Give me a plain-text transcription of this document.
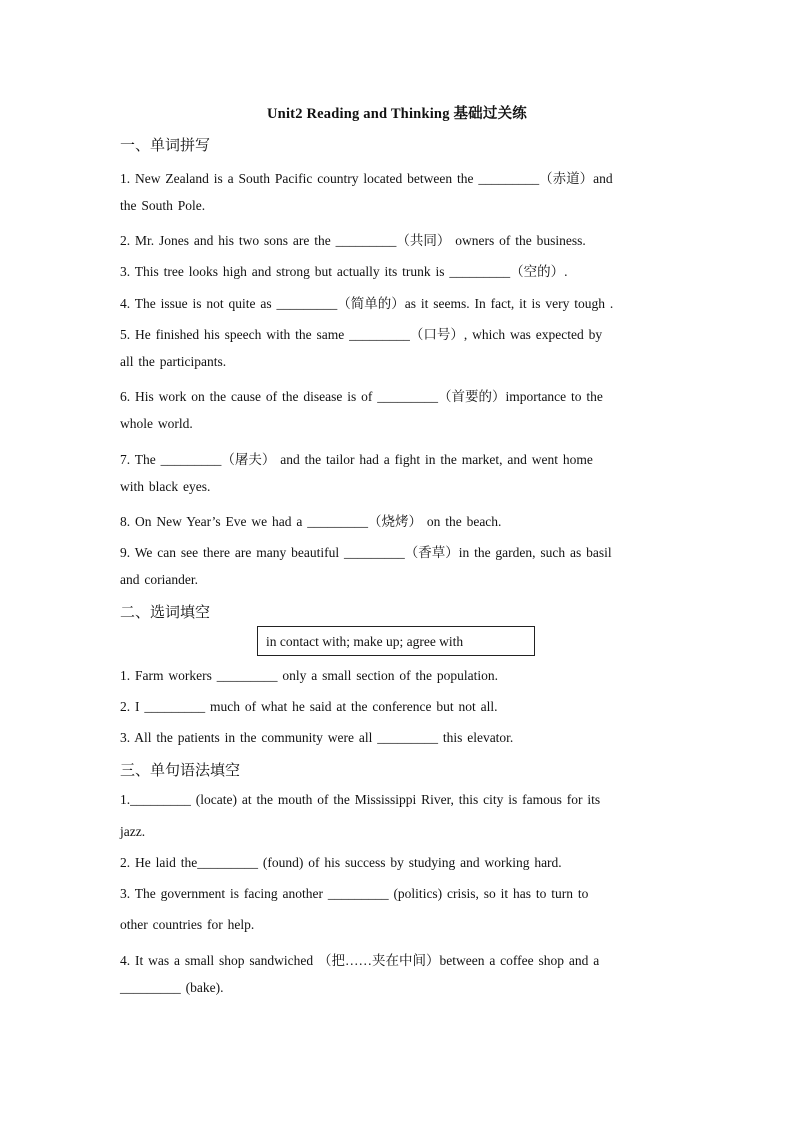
Unit2 Reading and Thinking 基础过关练
一、单词拼写
1. New Zealand is a South Pacific country located between the _________（赤道）and
the South Pole.
2. Mr. Jones and his two sons are the _________（共同） owners of the business.
3. This tree looks high and strong but actually its trunk is _________（空的）.
4. The issue is not quite as _________（简单的）as it seems. In fact, it is very tough .
5. He finished his speech with the same _________（口号）, which was expected by
all the participants.
6. His work on the cause of the disease is of _________（首要的）importance to the
whole world.
7. The _________（屠夫） and the tailor had a fight in the market, and went home
with black eyes.
8. On New Year’s Eve we had a _________（烧烤） on the beach.
9. We can see there are many beautiful _________（香草）in the garden, such as basil
and coriander.
二、选词填空
in contact with; make up; agree with
1. Farm workers _________ only a small section of the population.
2. I _________ much of what he said at the conference but not all.
3. All the patients in the community were all _________ this elevator.
三、单句语法填空
1._________ (locate) at the mouth of the Mississippi River, this city is famous for its
jazz.
2. He laid the_________ (found) of his success by studying and working hard.
3. The government is facing another _________ (politics) crisis, so it has to turn to
other countries for help.
4. It was a small shop sandwiched （把……夹在中间）between a coffee shop and a
_________ (bake).
